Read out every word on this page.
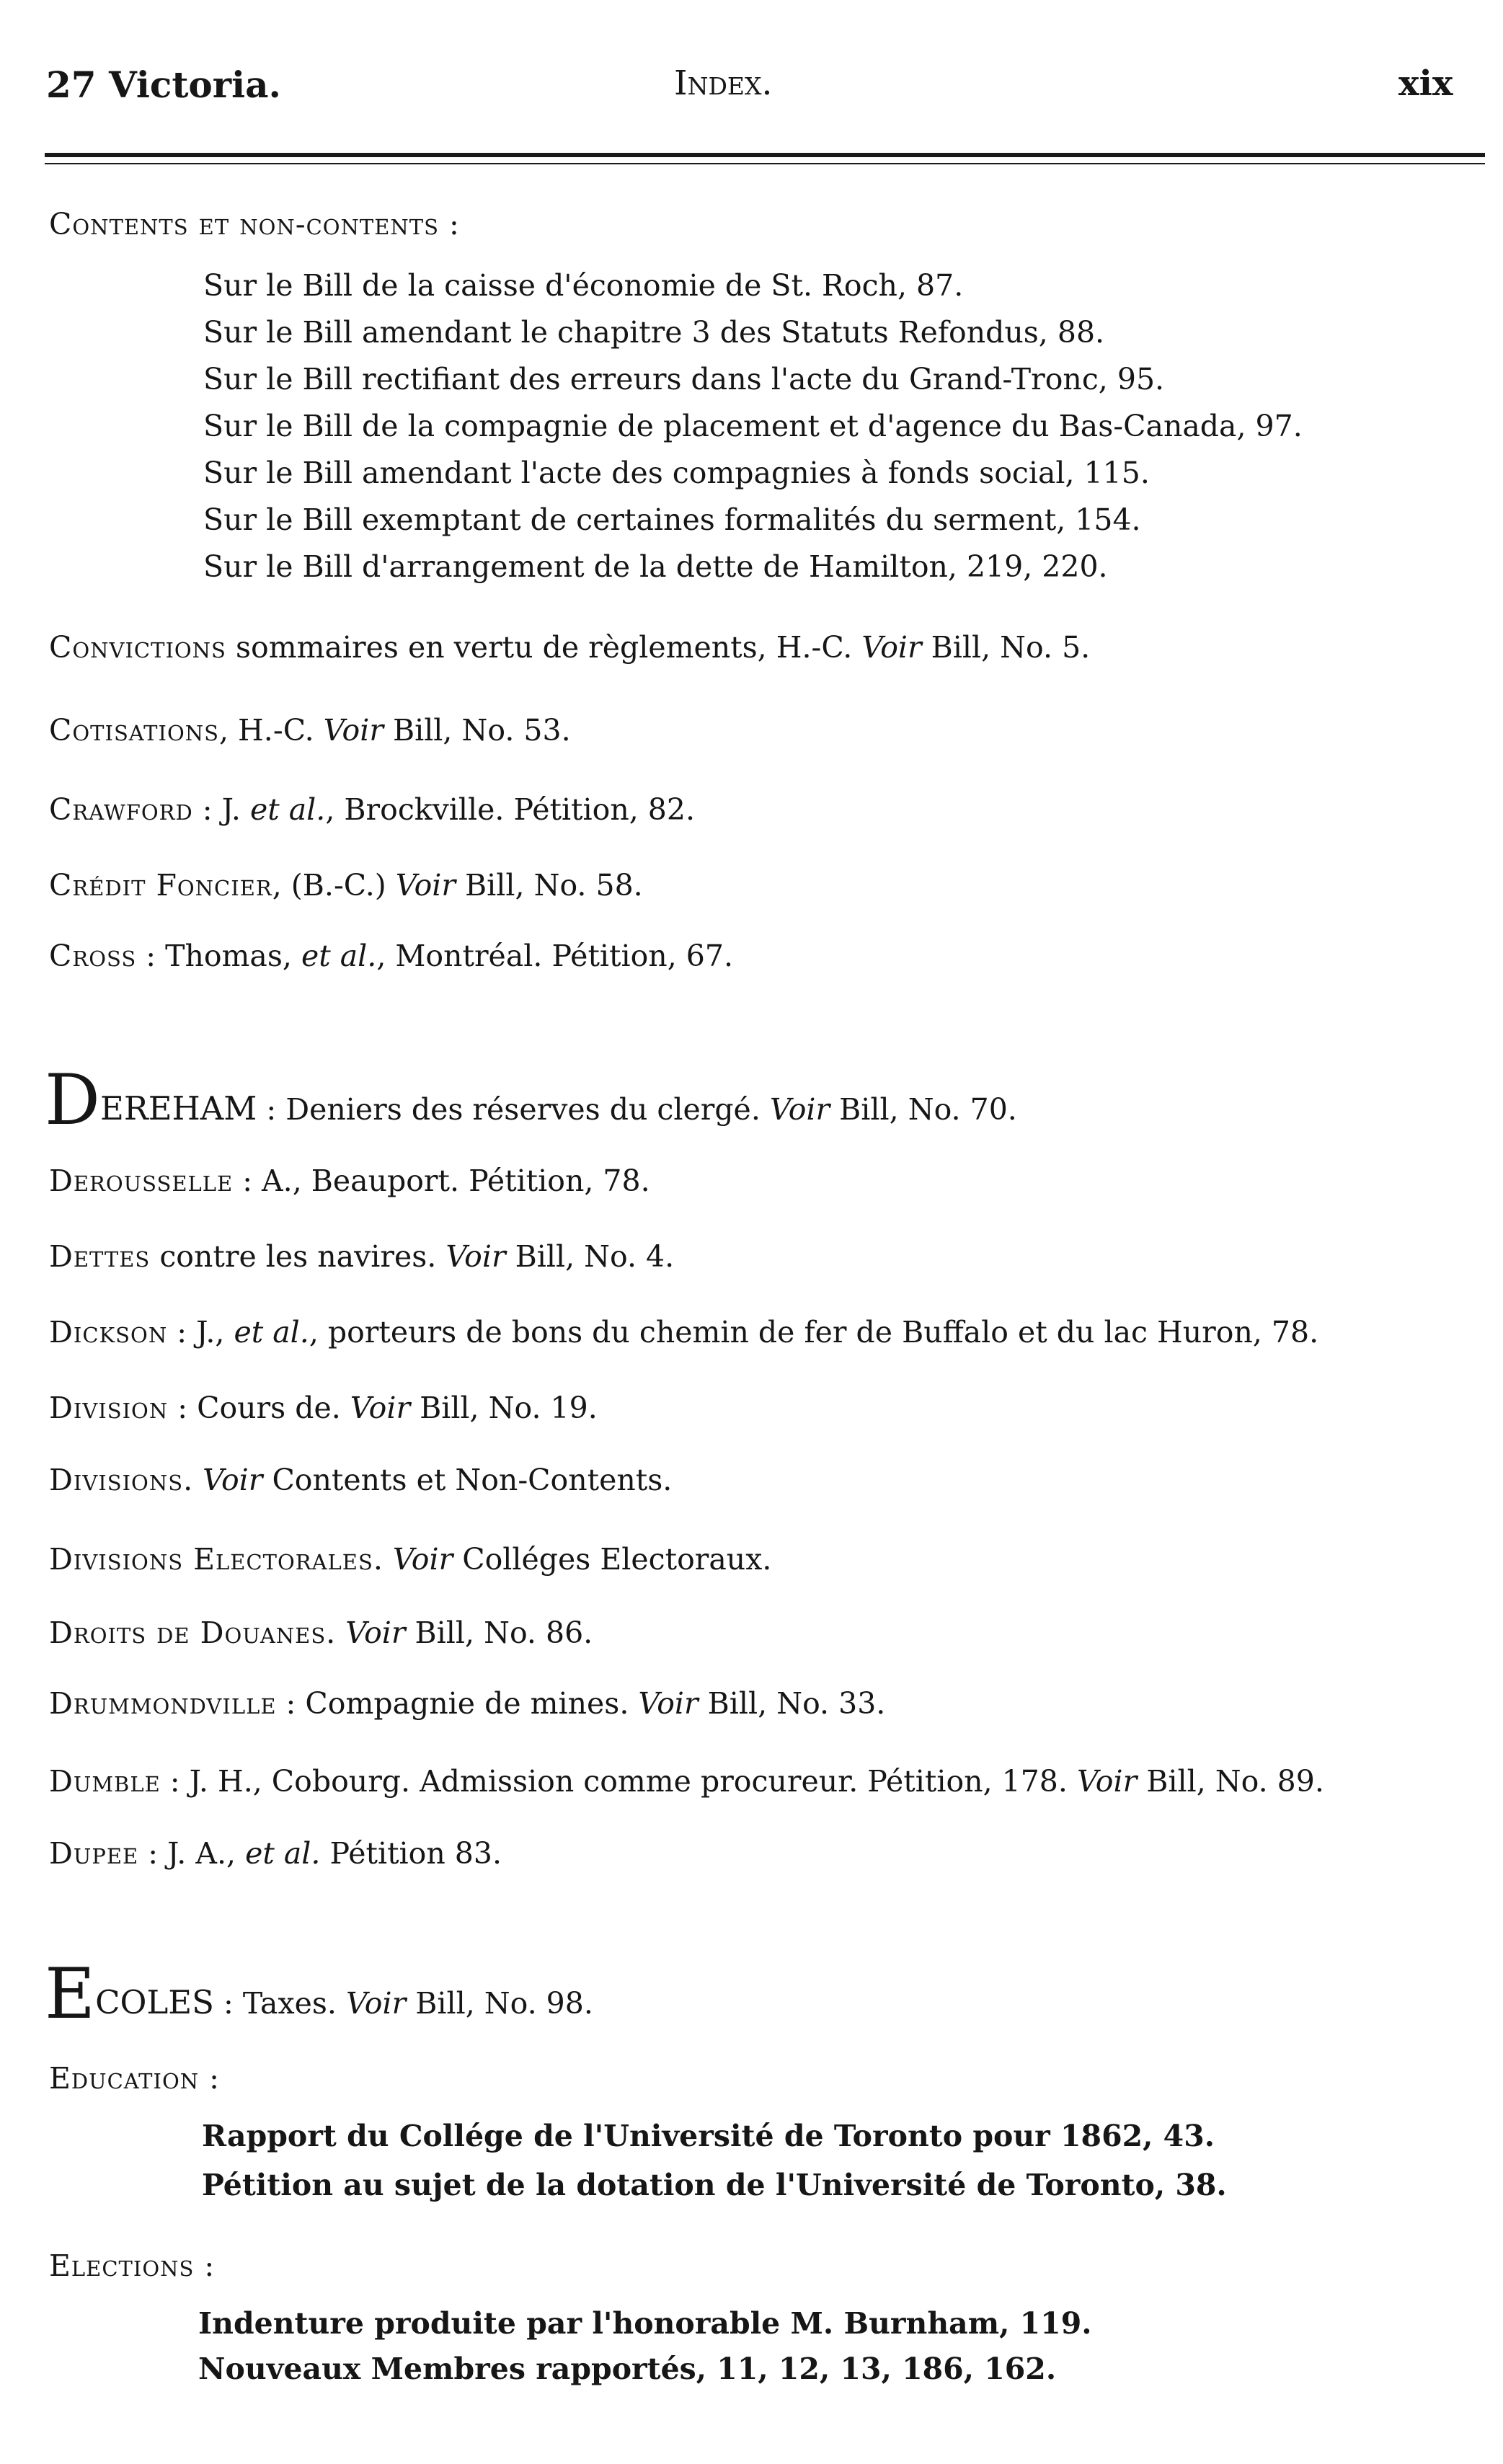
27 Victoria.	Index.	xix
Contents et non-contents :
Sur le Bill de la caisse d'économie de St. Roch, 87.
Sur le Bill amendant le chapitre 3 des Statuts Refondus, 88.
Sur le Bill rectifiant des erreurs dans l'acte du Grand-Tronc, 95.
Sur le Bill de la compagnie de placement et d'agence du Bas-Canada, 97.
Sur le Bill amendant l'acte des compagnies à fonds social, 115.
Sur le Bill exemptant de certaines formalités du serment, 154.
Sur le Bill d'arrangement de la dette de Hamilton, 219, 220.
Convictions sommaires en vertu de règlements, H.-C. Voir Bill, No. 5.
Cotisations, H.-C. Voir Bill, No. 53.
Crawford : J. et al., Brockville. Pétition, 82.
Crédit Foncier, (B.-C.) Voir Bill, No. 58.
Cross : Thomas, et al., Montréal. Pétition, 67.
DEREHAM : Deniers des réserves du clergé. Voir Bill, No. 70.
Derousselle : A., Beauport. Pétition, 78.
Dettes contre les navires. Voir Bill, No. 4.
Dickson : J., et al., porteurs de bons du chemin de fer de Buffalo et du lac Huron, 78.
Division : Cours de. Voir Bill, No. 19.
Divisions. Voir Contents et Non-Contents.
Divisions Electorales. Voir Colléges Electoraux.
Droits de Douanes. Voir Bill, No. 86.
Drummondville : Compagnie de mines. Voir Bill, No. 33.
Dumble : J. H., Cobourg. Admission comme procureur. Pétition, 178. Voir Bill, No. 89.
Dupee : J. A., et al. Pétition 83.
ECOLES : Taxes. Voir Bill, No. 98.
Education :
Rapport du Collége de l'Université de Toronto pour 1862, 43.
Pétition au sujet de la dotation de l'Université de Toronto, 38.
Elections :
Indenture produite par l'honorable M. Burnham, 119.
Nouveaux Membres rapportés, 11, 12, 13, 186, 162.
